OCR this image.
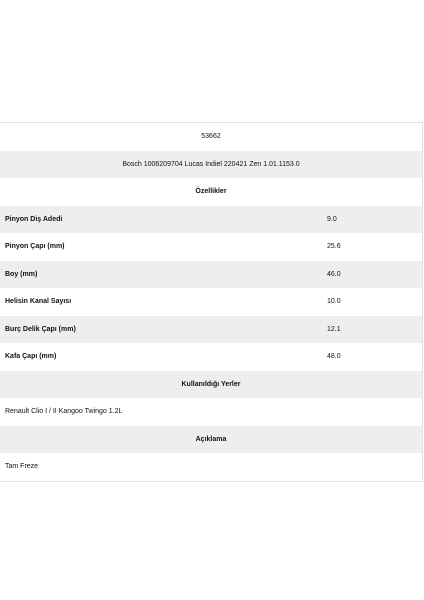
53662
Bosch 1006209704 Lucas Indiel 220421 Zen 1.01.1153.0
Özellikler
Pinyon Diş Adedi	9.0
Pinyon Çapı (mm)	25.6
Boy (mm)	46.0
Helisin Kanal Sayısı	10.0
Burç Delik Çapı (mm)	12.1
Kafa Çapı (mm)	48.0
Kullanıldığı Yerler
Renault Clio I / II Kangoo Twingo 1.2L
Açıklama
Tam Freze
